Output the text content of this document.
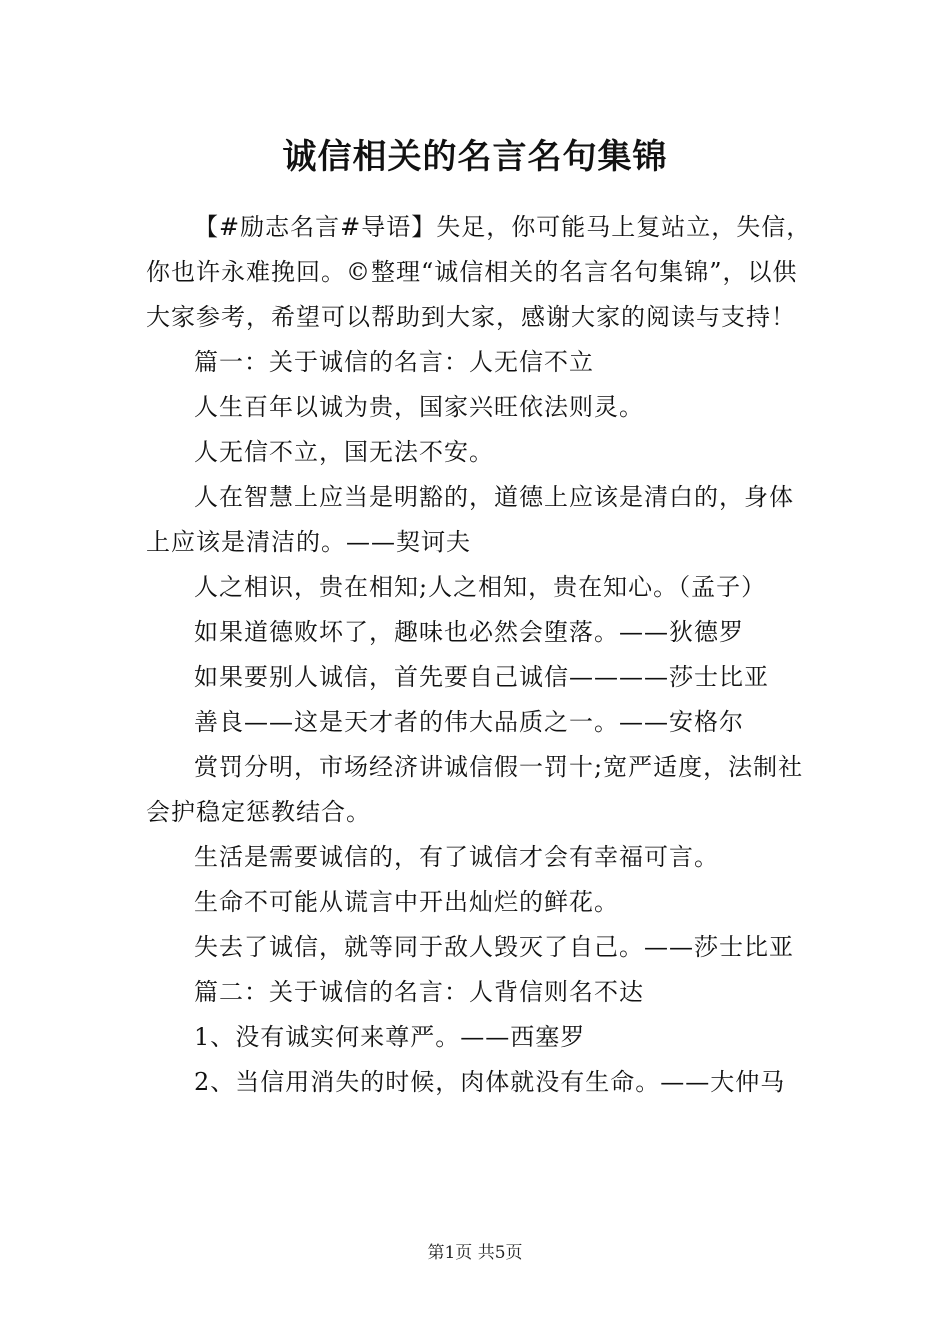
诚信相关的名言名句集锦

【#励志名言#导语】失足，你可能马上复站立，失信，你也许永难挽回。©整理“诚信相关的名言名句集锦”，以供大家参考，希望可以帮助到大家，感谢大家的阅读与支持！

篇一：关于诚信的名言：人无信不立

人生百年以诚为贵，国家兴旺依法则灵。

人无信不立，国无法不安。

人在智慧上应当是明豁的，道德上应该是清白的，身体上应该是清洁的。——契诃夫

人之相识，贵在相知;人之相知，贵在知心。（孟子）

如果道德败坏了，趣味也必然会堕落。——狄德罗

如果要别人诚信，首先要自己诚信————莎士比亚

善良——这是天才者的伟大品质之一。——安格尔

赏罚分明，市场经济讲诚信假一罚十;宽严适度，法制社会护稳定惩教结合。

生活是需要诚信的，有了诚信才会有幸福可言。

生命不可能从谎言中开出灿烂的鲜花。

失去了诚信，就等同于敌人毁灭了自己。——莎士比亚

篇二：关于诚信的名言：人背信则名不达

1、没有诚实何来尊严。——西塞罗

2、当信用消失的时候，肉体就没有生命。——大仲马

第1页 共5页
